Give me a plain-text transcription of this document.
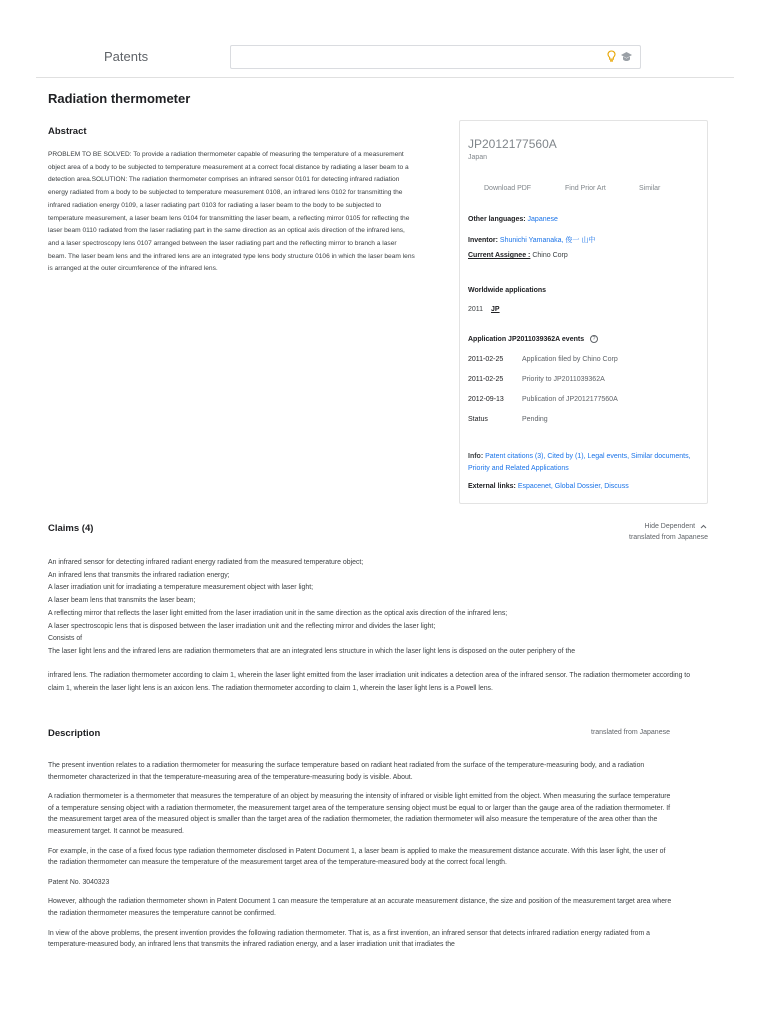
Patents
Radiation thermometer
Abstract
PROBLEM TO BE SOLVED: To provide a radiation thermometer capable of measuring the temperature of a measurement object area of a body to be subjected to temperature measurement at a correct focal distance by radiating a laser beam to a detection area.SOLUTION: The radiation thermometer comprises an infrared sensor 0101 for detecting infrared radiation energy radiated from a body to be subjected to temperature measurement 0108, an infrared lens 0102 for transmitting the infrared radiation energy 0109, a laser radiating part 0103 for radiating a laser beam to the body to be subjected to temperature measurement, a laser beam lens 0104 for transmitting the laser beam, a reflecting mirror 0105 for reflecting the laser beam 0110 radiated from the laser radiating part in the same direction as an optical axis direction of the infrared lens, and a laser spectroscopy lens 0107 arranged between the laser radiating part and the reflecting mirror to branch a laser beam. The laser beam lens and the infrared lens are an integrated type lens body structure 0106 in which the laser beam lens is arranged at the outer circumference of the infrared lens.
JP2012177560A
Japan
Download PDF	Find Prior Art	Similar
Other languages: Japanese
Inventor: Shunichi Yamanaka, 俊一 山中
Current Assignee : Chino Corp
Worldwide applications
2011 JP
Application JP2011039362A events ?
2011-02-25	Application filed by Chino Corp
2011-02-25	Priority to JP2011039362A
2012-09-13	Publication of JP2012177560A
Status	Pending
Info: Patent citations (3), Cited by (1), Legal events, Similar documents, Priority and Related Applications
External links: Espacenet, Global Dossier, Discuss
Claims (4)	Hide Dependent
translated from Japanese
An infrared sensor for detecting infrared radiant energy radiated from the measured temperature object;
An infrared lens that transmits the infrared radiation energy;
A laser irradiation unit for irradiating a temperature measurement object with laser light;
A laser beam lens that transmits the laser beam;
A reflecting mirror that reflects the laser light emitted from the laser irradiation unit in the same direction as the optical axis direction of the infrared lens;
A laser spectroscopic lens that is disposed between the laser irradiation unit and the reflecting mirror and divides the laser light;
Consists of
The laser light lens and the infrared lens are radiation thermometers that are an integrated lens structure in which the laser light lens is disposed on the outer periphery of the
infrared lens. The radiation thermometer according to claim 1, wherein the laser light emitted from the laser irradiation unit indicates a detection area of the infrared sensor. The radiation thermometer according to claim 1, wherein the laser light lens is an axicon lens. The radiation thermometer according to claim 1, wherein the laser light lens is a Powell lens.
Description	translated from Japanese

The present invention relates to a radiation thermometer for measuring the surface temperature based on radiant heat radiated from the surface of the temperature-measuring body, and a radiation thermometer characterized in that the temperature-measuring area of the temperature-measuring body is visible. About.

A radiation thermometer is a thermometer that measures the temperature of an object by measuring the intensity of infrared or visible light emitted from the object. When measuring the surface temperature of a temperature sensing object with a radiation thermometer, the measurement target area of the temperature sensing object must be equal to or larger than the gauge area of the radiation thermometer. If the measurement target area of the measured object is smaller than the target area of the radiation thermometer, the radiation thermometer will also measure the temperature of the area other than the measurement target. It cannot be measured.

For example, in the case of a fixed focus type radiation thermometer disclosed in Patent Document 1, a laser beam is applied to make the measurement distance accurate. With this laser light, the user of the radiation thermometer can measure the temperature of the measurement target area of the temperature-measured body at the correct focal length.

Patent No. 3040323

However, although the radiation thermometer shown in Patent Document 1 can measure the temperature at an accurate measurement distance, the size and position of the measurement target area where the radiation thermometer measures the temperature cannot be confirmed.

In view of the above problems, the present invention provides the following radiation thermometer. That is, as a first invention, an infrared sensor that detects infrared radiation energy radiated from a temperature-measured body, an infrared lens that transmits the infrared radiation energy, and a laser irradiation unit that irradiates the
